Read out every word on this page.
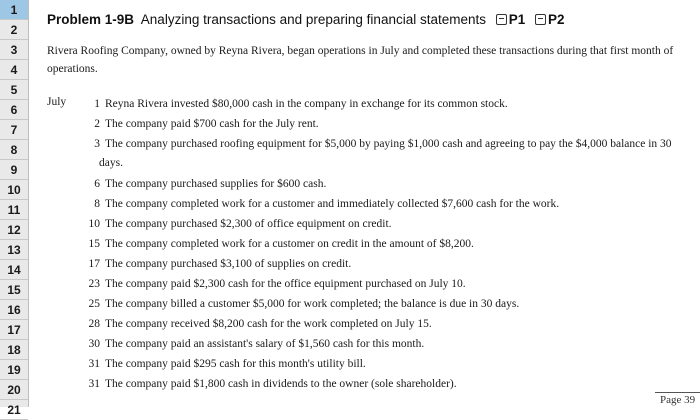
1
2
3
4
5
6
7
8
9
10
11
12
13
14
15
16
17
18
19
20
21
Problem 1-9B Analyzing transactions and preparing financial statements P1 P2
Rivera Roofing Company, owned by Reyna Rivera, began operations in July and completed these transactions during that first month of operations.
July	1 Reyna Rivera invested $80,000 cash in the company in exchange for its common stock.
2 The company paid $700 cash for the July rent.
3 The company purchased roofing equipment for $5,000 by paying $1,000 cash and agreeing to pay the $4,000 balance in 30
days.
6 The company purchased supplies for $600 cash.
8 The company completed work for a customer and immediately collected $7,600 cash for the work.
10 The company purchased $2,300 of office equipment on credit.
15 The company completed work for a customer on credit in the amount of $8,200.
17 The company purchased $3,100 of supplies on credit.
23 The company paid $2,300 cash for the office equipment purchased on July 10.
25 The company billed a customer $5,000 for work completed; the balance is due in 30 days.
28 The company received $8,200 cash for the work completed on July 15.
30 The company paid an assistant's salary of $1,560 cash for this month.
31 The company paid $295 cash for this month's utility bill.
31 The company paid $1,800 cash in dividends to the owner (sole shareholder).
Page 39
